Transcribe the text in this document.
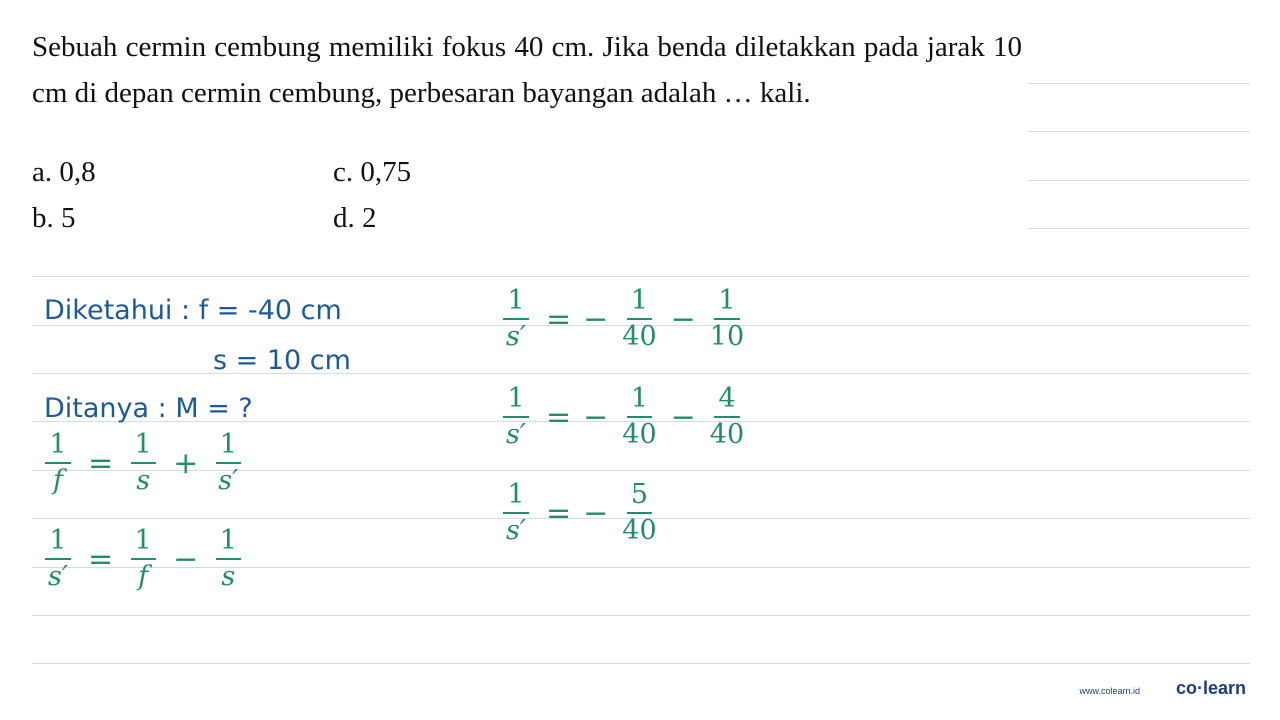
Sebuah cermin cembung memiliki fokus 40 cm. Jika benda diletakkan pada jarak 10 cm di depan cermin cembung, perbesaran bayangan adalah … kali.
a. 0,8	c. 0,75
b. 5	d. 2
Diketahui : f = -40 cm
s = 10 cm
Ditanya : M = ?
$\frac{1}{f} = \frac{1}{s} + \frac{1}{s'}$
$\frac{1}{s'} = \frac{1}{f} - \frac{1}{s}$
$\frac{1}{s'}$ = − $\frac{1}{40} - \frac{1}{10}$
$\frac{1}{s'}$ = − $\frac{1}{40} - \frac{4}{40}$
$\frac{1}{s'}$ = − $\frac{5}{40}$
www.colearn.id co·learn
